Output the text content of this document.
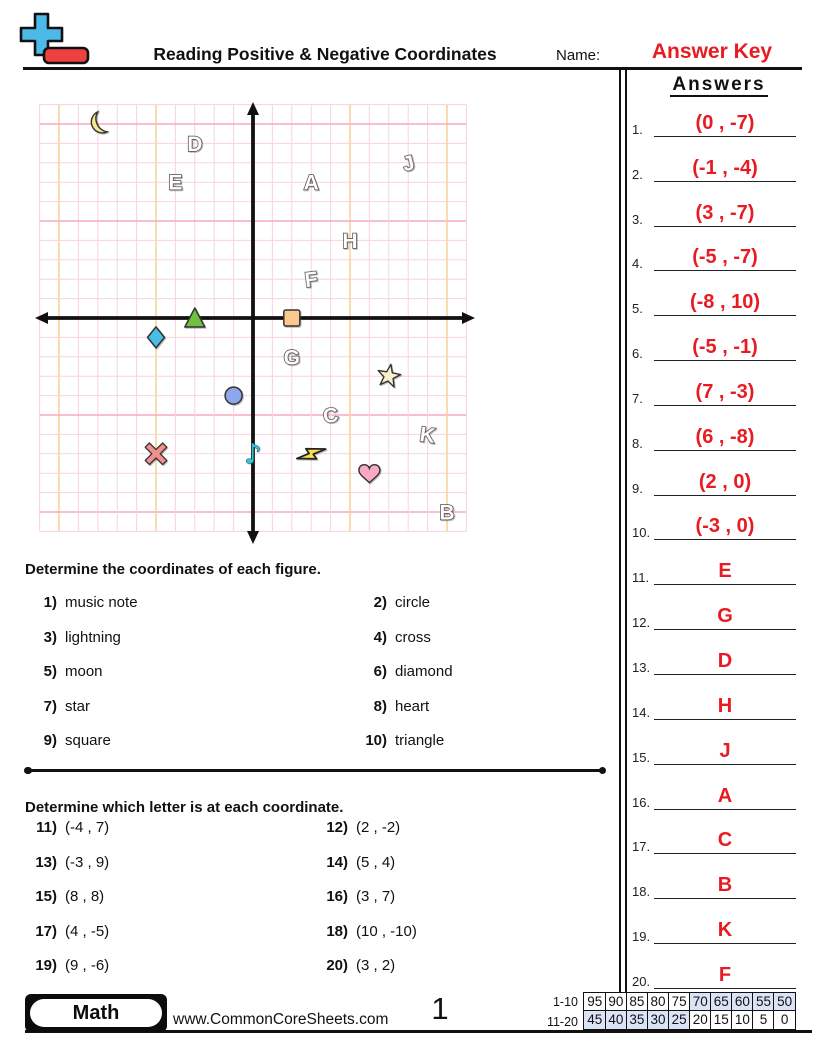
Reading Positive & Negative Coordinates	Name:	Answer Key
D
E	A
J
H
F
G
C
K
B
♪
Answers
1.	(0 , -7)
2.	(-1 , -4)
3.	(3 , -7)
4.	(-5 , -7)
5.	(-8 , 10)
6.	(-5 , -1)
7.	(7 , -3)
8.	(6 , -8)
9.	(2 , 0)
10.	(-3 , 0)
11.	E
12.	G
13.	D
14.	H
15.	J
16.	A
17.	C
18.	B
19.	K
20.	F
Determine the coordinates of each figure.
1) music note	2) circle
3) lightning	4) cross
5) moon	6) diamond
7) star	8) heart
9) square	10) triangle
Determine which letter is at each coordinate.
11) (-4 , 7)	12) (2 , -2)
13) (-3 , 9)	14) (5 , 4)
15) (8 , 8)	16) (3 , 7)
17) (4 , -5)	18) (10 , -10)
19) (9 , -6)	20) (3 , 2)
Math	www.CommonCoreSheets.com	1	1-10 95 90 85 80 75 70 65 60 55 50
11-20 45 40 35 30 25 20 15 10 5	0
